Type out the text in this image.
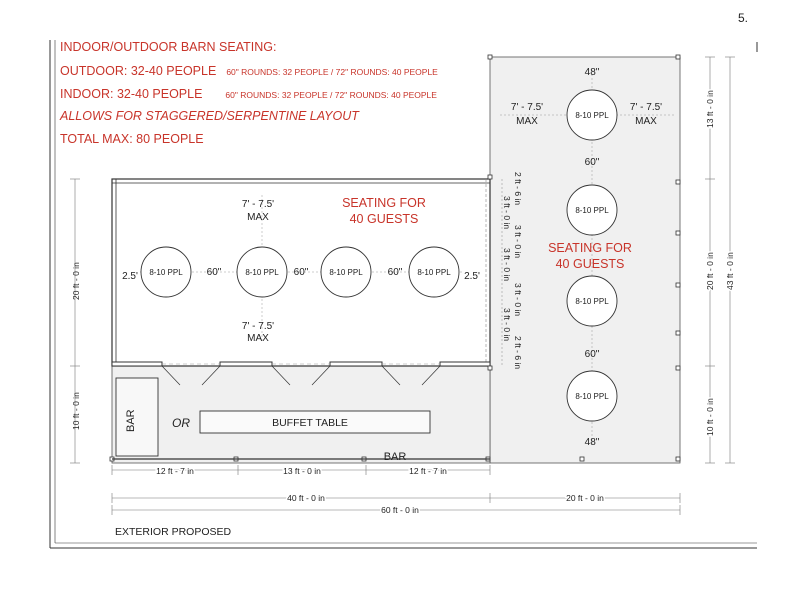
5.
2 ft - 6 in
3 ft - 0 in
3 ft - 0 in
3 ft - 0 in
3 ft - 0 in
3 ft - 0 in
2 ft - 6 in
8-10 PPL	8-10 PPL	8-10 PPL	8-10 PPL
2.5'	2.5'
60"	60"	60"
7' - 7.5'
MAX
7' - 7.5'
MAX
SEATING FOR
40 GUESTS
8-10 PPL
8-10 PPL
8-10 PPL
8-10 PPL
48"
48"
60"
60"
7' - 7.5'
MAX
7' - 7.5'
MAX
SEATING FOR
40 GUESTS
BAR	OR	BUFFET TABLE
BAR
20 ft - 0 in
10 ft - 0 in
12 ft - 7 in	13 ft - 0 in	12 ft - 7 in
40 ft - 0 in	20 ft - 0 in
60 ft - 0 in
13 ft - 0 in
20 ft - 0 in
10 ft - 0 in
43 ft - 0 in
EXTERIOR PROPOSED
INDOOR/OUTDOOR BARN SEATING:
OUTDOOR: 32-40 PEOPLE 60" ROUNDS: 32 PEOPLE / 72" ROUNDS: 40 PEOPLE
INDOOR: 32-40 PEOPLE	60" ROUNDS: 32 PEOPLE / 72" ROUNDS: 40 PEOPLE
ALLOWS FOR STAGGERED/SERPENTINE LAYOUT
TOTAL MAX: 80 PEOPLE
